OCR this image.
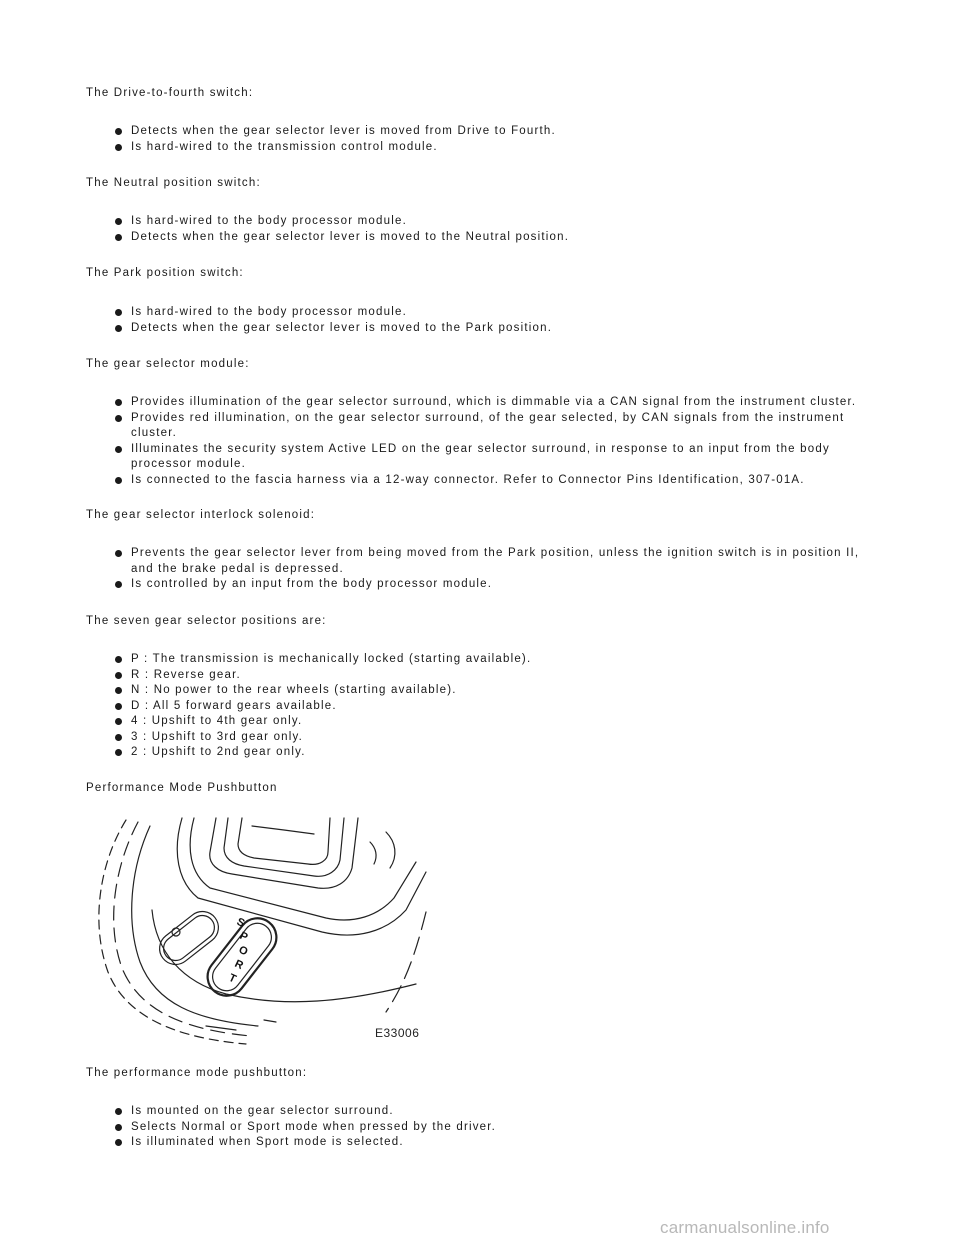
The Drive-to-fourth switch:
Detects when the gear selector lever is moved from Drive to Fourth.
Is hard-wired to the transmission control module.
The Neutral position switch:
Is hard-wired to the body processor module.
Detects when the gear selector lever is moved to the Neutral position.
The Park position switch:
Is hard-wired to the body processor module.
Detects when the gear selector lever is moved to the Park position.
The gear selector module:
Provides illumination of the gear selector surround, which is dimmable via a CAN signal from the instrument cluster.
Provides red illumination, on the gear selector surround, of the gear selected, by CAN signals from the instrument cluster.
Illuminates the security system Active LED on the gear selector surround, in response to an input from the body processor module.
Is connected to the fascia harness via a 12-way connector. Refer to Connector Pins Identification, 307-01A.
The gear selector interlock solenoid:
Prevents the gear selector lever from being moved from the Park position, unless the ignition switch is in position II, and the brake pedal is depressed.
Is controlled by an input from the body processor module.
The seven gear selector positions are:
P : The transmission is mechanically locked (starting available).
R : Reverse gear.
N : No power to the rear wheels (starting available).
D : All 5 forward gears available.
4 : Upshift to 4th gear only.
3 : Upshift to 3rd gear only.
2 : Upshift to 2nd gear only.
Performance Mode Pushbutton
S
P
O
R
T
E33006
The performance mode pushbutton:
Is mounted on the gear selector surround.
Selects Normal or Sport mode when pressed by the driver.
Is illuminated when Sport mode is selected.
carmanualsonline.info
